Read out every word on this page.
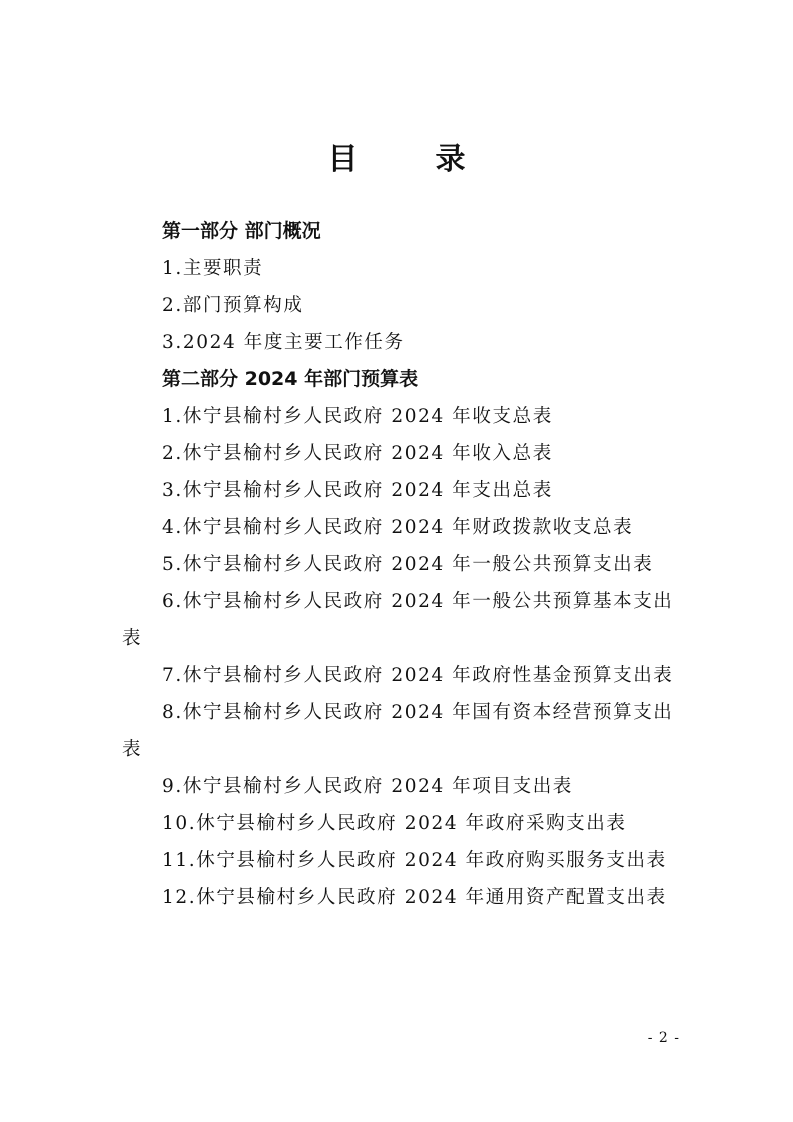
目　录
第一部分 部门概况
1.主要职责
2.部门预算构成
3.2024 年度主要工作任务
第二部分 2024 年部门预算表
1.休宁县榆村乡人民政府 2024 年收支总表
2.休宁县榆村乡人民政府 2024 年收入总表
3.休宁县榆村乡人民政府 2024 年支出总表
4.休宁县榆村乡人民政府 2024 年财政拨款收支总表
5.休宁县榆村乡人民政府 2024 年一般公共预算支出表
6.休宁县榆村乡人民政府 2024 年一般公共预算基本支出表
7.休宁县榆村乡人民政府 2024 年政府性基金预算支出表
8.休宁县榆村乡人民政府 2024 年国有资本经营预算支出表
9.休宁县榆村乡人民政府 2024 年项目支出表
10.休宁县榆村乡人民政府 2024 年政府采购支出表
11.休宁县榆村乡人民政府 2024 年政府购买服务支出表
12.休宁县榆村乡人民政府 2024 年通用资产配置支出表
- 2 -
